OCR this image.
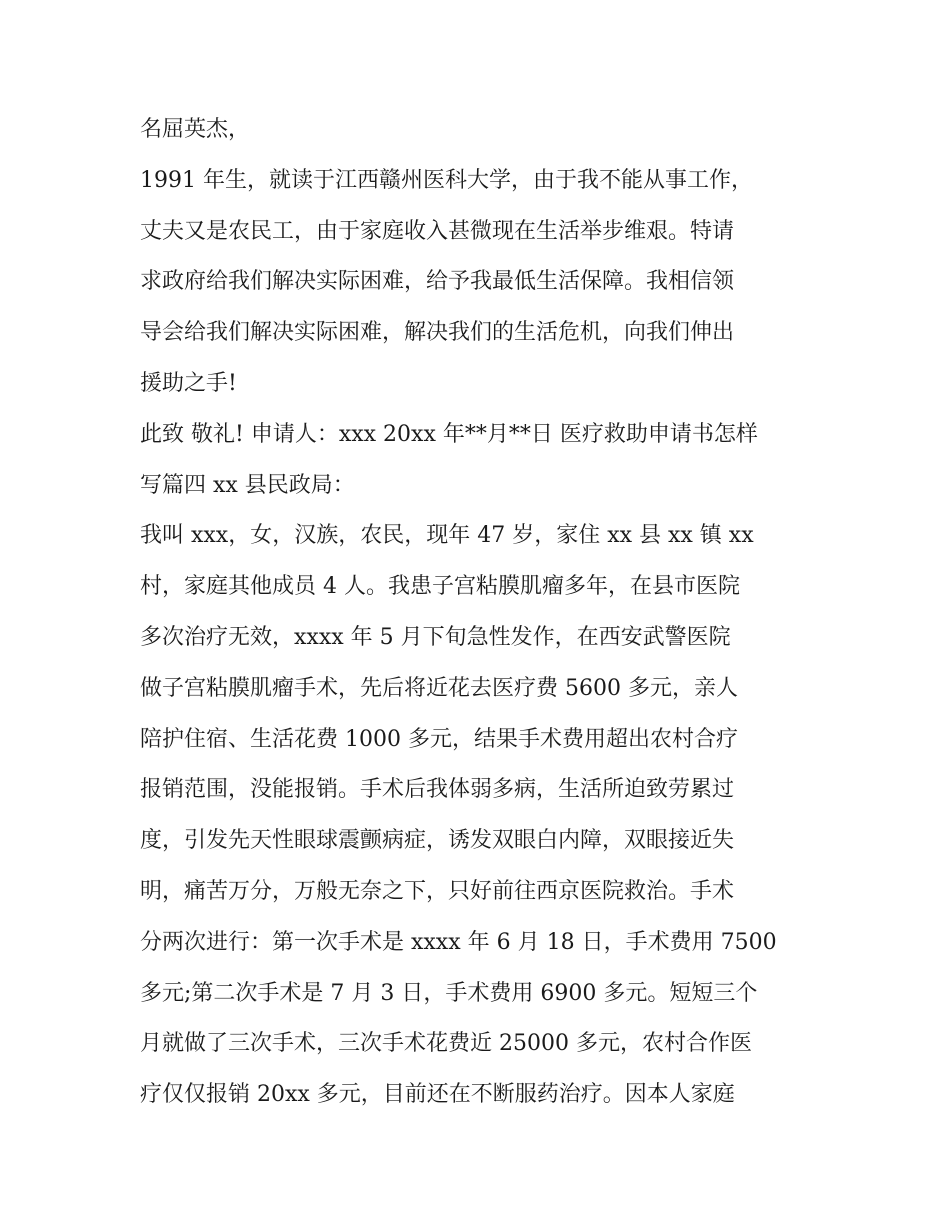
名屈英杰，
1991 年生，就读于江西赣州医科大学，由于我不能从事工作，
丈夫又是农民工，由于家庭收入甚微现在生活举步维艰。特请
求政府给我们解决实际困难，给予我最低生活保障。我相信领
导会给我们解决实际困难，解决我们的生活危机，向我们伸出
援助之手!
此致 敬礼! 申请人：xxx 20xx 年**月**日 医疗救助申请书怎样
写篇四 xx 县民政局：
我叫 xxx，女，汉族，农民，现年 47 岁，家住 xx 县 xx 镇 xx
村，家庭其他成员 4 人。我患子宫粘膜肌瘤多年，在县市医院
多次治疗无效，xxxx 年 5 月下旬急性发作，在西安武警医院
做子宫粘膜肌瘤手术，先后将近花去医疗费 5600 多元，亲人
陪护住宿、生活花费 1000 多元，结果手术费用超出农村合疗
报销范围，没能报销。手术后我体弱多病，生活所迫致劳累过
度，引发先天性眼球震颤病症，诱发双眼白内障，双眼接近失
明，痛苦万分，万般无奈之下，只好前往西京医院救治。手术
分两次进行：第一次手术是 xxxx 年 6 月 18 日，手术费用 7500
多元;第二次手术是 7 月 3 日，手术费用 6900 多元。短短三个
月就做了三次手术，三次手术花费近 25000 多元，农村合作医
疗仅仅报销 20xx 多元，目前还在不断服药治疗。因本人家庭
